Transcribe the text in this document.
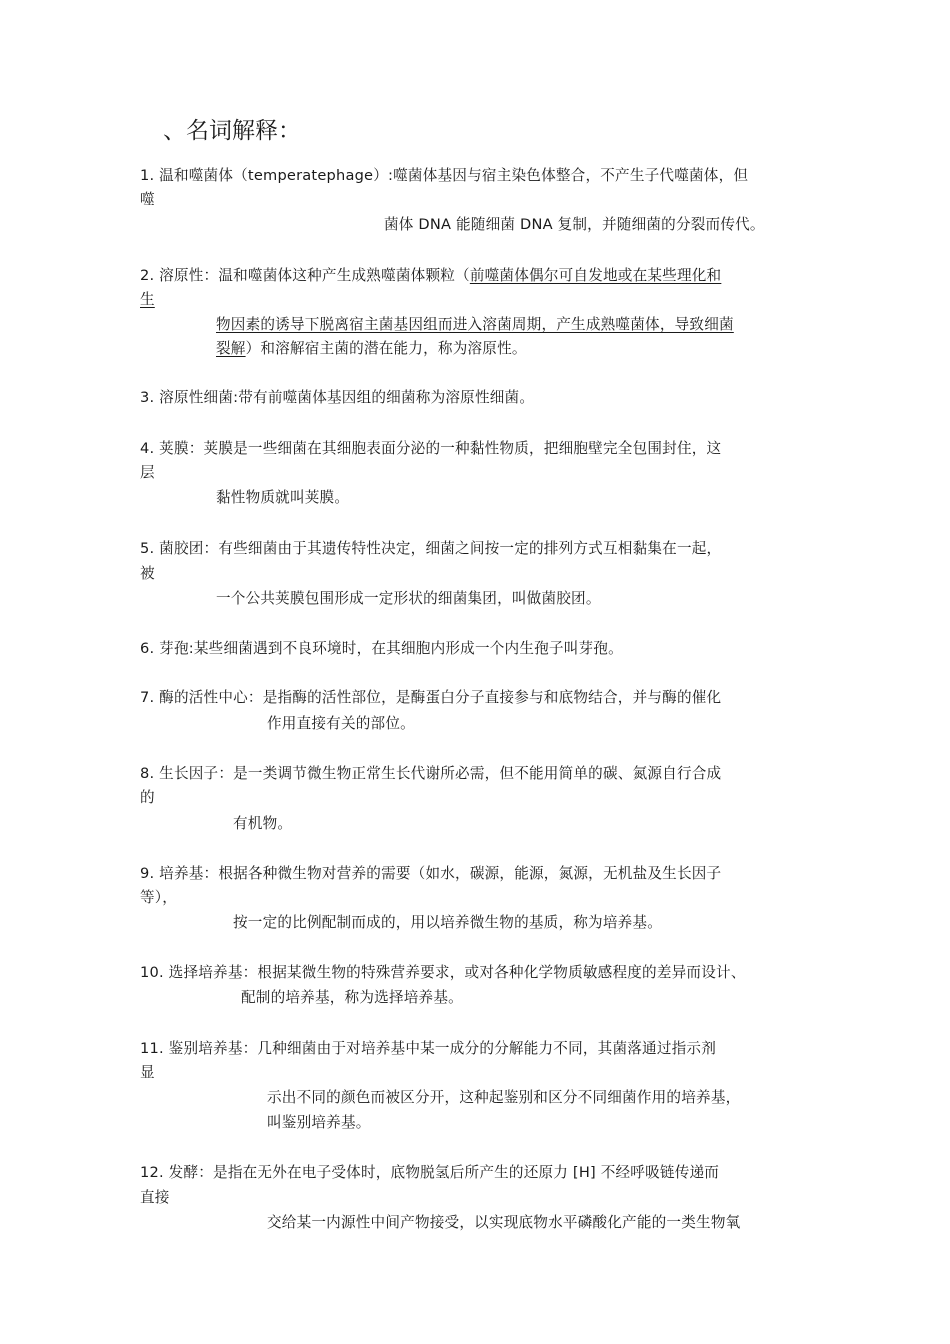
、名词解释：
1. 温和噬菌体（temperatephage）:噬菌体基因与宿主染色体整合，不产生子代噬菌体，但
噬
菌体 DNA 能随细菌 DNA 复制，并随细菌的分裂而传代。
2. 溶原性：温和噬菌体这种产生成熟噬菌体颗粒（前噬菌体偶尔可自发地或在某些理化和
生
物因素的诱导下脱离宿主菌基因组而进入溶菌周期，产生成熟噬菌体，导致细菌
裂解）和溶解宿主菌的潜在能力，称为溶原性。
3. 溶原性细菌:带有前噬菌体基因组的细菌称为溶原性细菌。
4. 荚膜：荚膜是一些细菌在其细胞表面分泌的一种黏性物质，把细胞壁完全包围封住，这
层
黏性物质就叫荚膜。
5. 菌胶团：有些细菌由于其遗传特性决定，细菌之间按一定的排列方式互相黏集在一起，
被
一个公共荚膜包围形成一定形状的细菌集团，叫做菌胶团。
6. 芽孢:某些细菌遇到不良环境时，在其细胞内形成一个内生孢子叫芽孢。
7. 酶的活性中心：是指酶的活性部位，是酶蛋白分子直接参与和底物结合，并与酶的催化
作用直接有关的部位。
8. 生长因子：是一类调节微生物正常生长代谢所必需，但不能用简单的碳、氮源自行合成
的
有机物。
9. 培养基：根据各种微生物对营养的需要（如水，碳源，能源，氮源，无机盐及生长因子
等），
按一定的比例配制而成的，用以培养微生物的基质，称为培养基。
10. 选择培养基：根据某微生物的特殊营养要求，或对各种化学物质敏感程度的差异而设计、
配制的培养基，称为选择培养基。
11. 鉴别培养基：几种细菌由于对培养基中某一成分的分解能力不同，其菌落通过指示剂
显
示出不同的颜色而被区分开，这种起鉴别和区分不同细菌作用的培养基，
叫鉴别培养基。
12. 发酵：是指在无外在电子受体时，底物脱氢后所产生的还原力 [H] 不经呼吸链传递而
直接
交给某一内源性中间产物接受，以实现底物水平磷酸化产能的一类生物氧
